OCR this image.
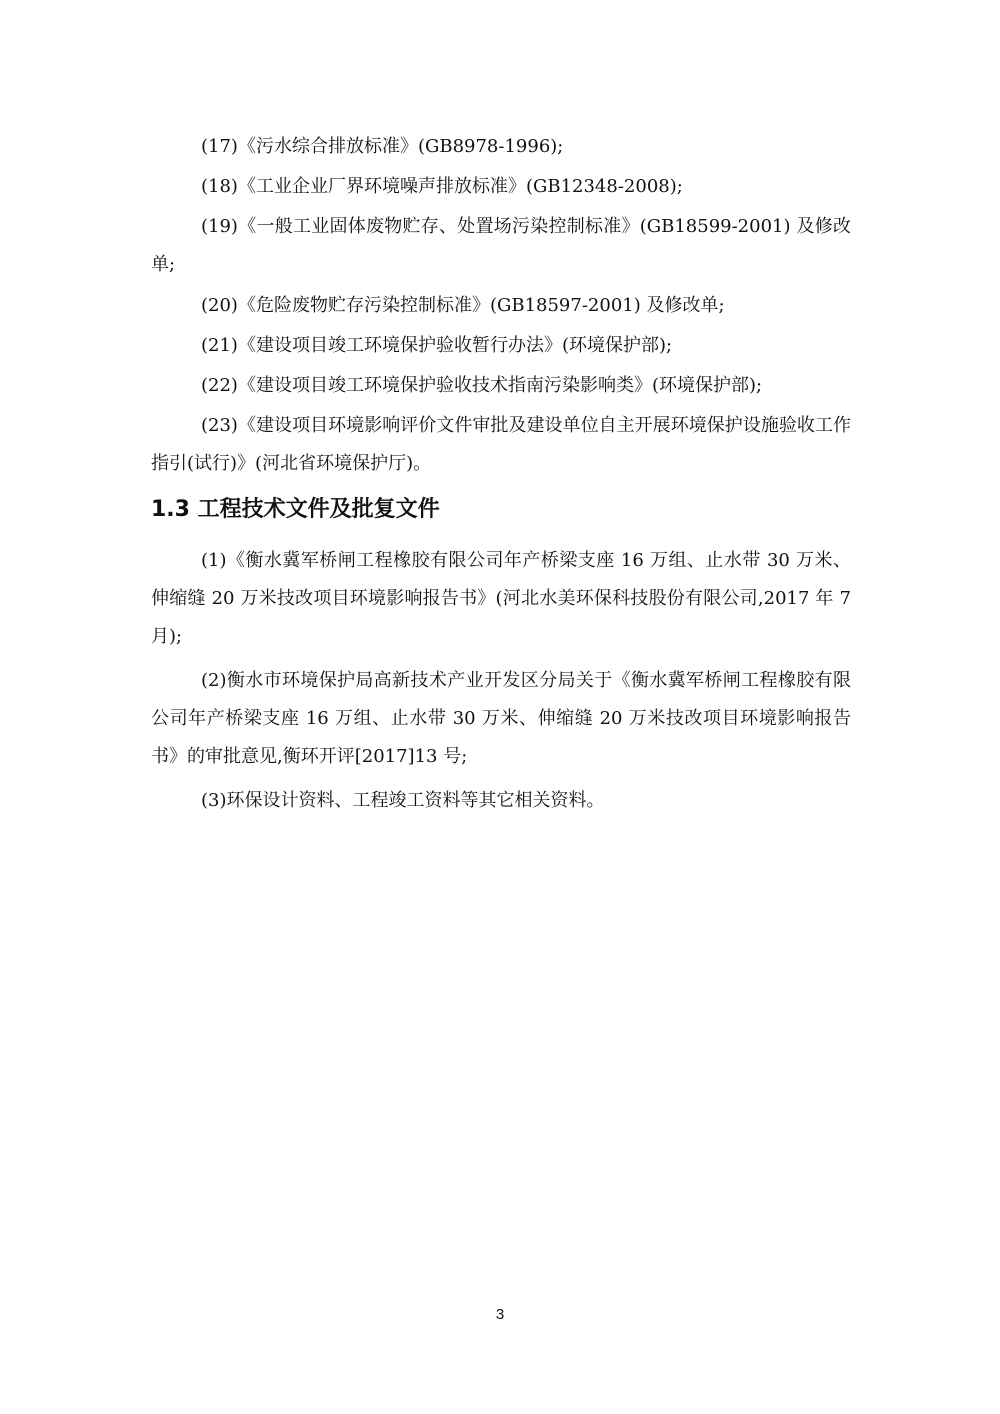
(17)《污水综合排放标准》(GB8978-1996);

(18)《工业企业厂界环境噪声排放标准》(GB12348-2008);

(19)《一般工业固体废物贮存、处置场污染控制标准》(GB18599-2001) 及修改单;

(20)《危险废物贮存污染控制标准》(GB18597-2001) 及修改单;

(21)《建设项目竣工环境保护验收暂行办法》(环境保护部);

(22)《建设项目竣工环境保护验收技术指南污染影响类》(环境保护部);

(23)《建设项目环境影响评价文件审批及建设单位自主开展环境保护设施验收工作指引(试行)》(河北省环境保护厅)。

1.3 工程技术文件及批复文件

(1)《衡水冀军桥闸工程橡胶有限公司年产桥梁支座 16 万组、止水带 30 万米、伸缩缝 20 万米技改项目环境影响报告书》(河北水美环保科技股份有限公司,2017 年 7 月);

(2)衡水市环境保护局高新技术产业开发区分局关于《衡水冀军桥闸工程橡胶有限公司年产桥梁支座 16 万组、止水带 30 万米、伸缩缝 20 万米技改项目环境影响报告书》的审批意见,衡环开评[2017]13 号;

(3)环保设计资料、工程竣工资料等其它相关资料。

3
